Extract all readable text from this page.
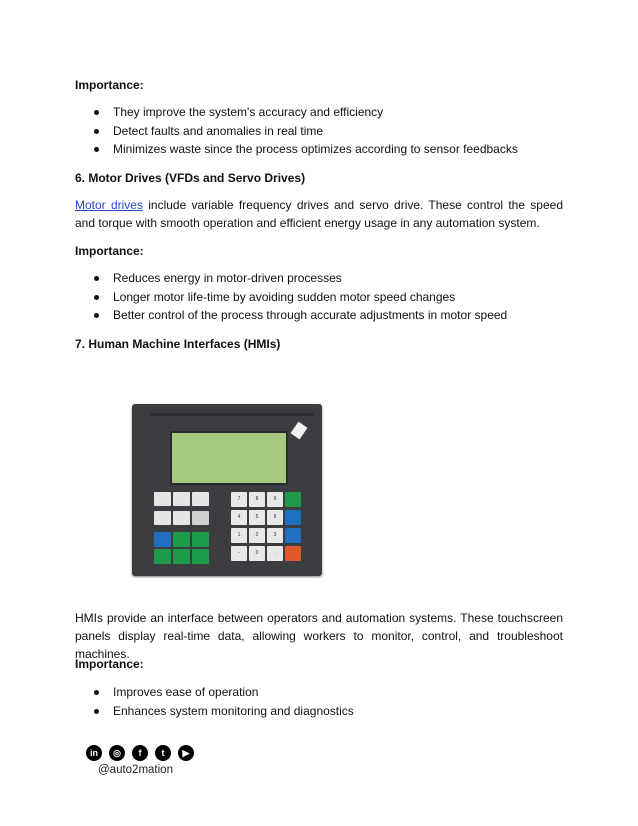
Importance:
They improve the system's accuracy and efficiency
Detect faults and anomalies in real time
Minimizes waste since the process optimizes according to sensor feedbacks
6. Motor Drives (VFDs and Servo Drives)

Motor drives include variable frequency drives and servo drive. These control the speed and torque with smooth operation and efficient energy usage in any automation system.

Importance:
Reduces energy in motor-driven processes
Longer motor life-time by avoiding sudden motor speed changes
Better control of the process through accurate adjustments in motor speed
7. Human Machine Interfaces (HMIs)
7	8	9
4	5	6
1	2	3
-	0	.

HMIs provide an interface between operators and automation systems. These touchscreen panels display real-time data, allowing workers to monitor, control, and troubleshoot machines.

Importance:
Improves ease of operation
Enhances system monitoring and diagnostics
in	◎	f	t	▶
@auto2mation
